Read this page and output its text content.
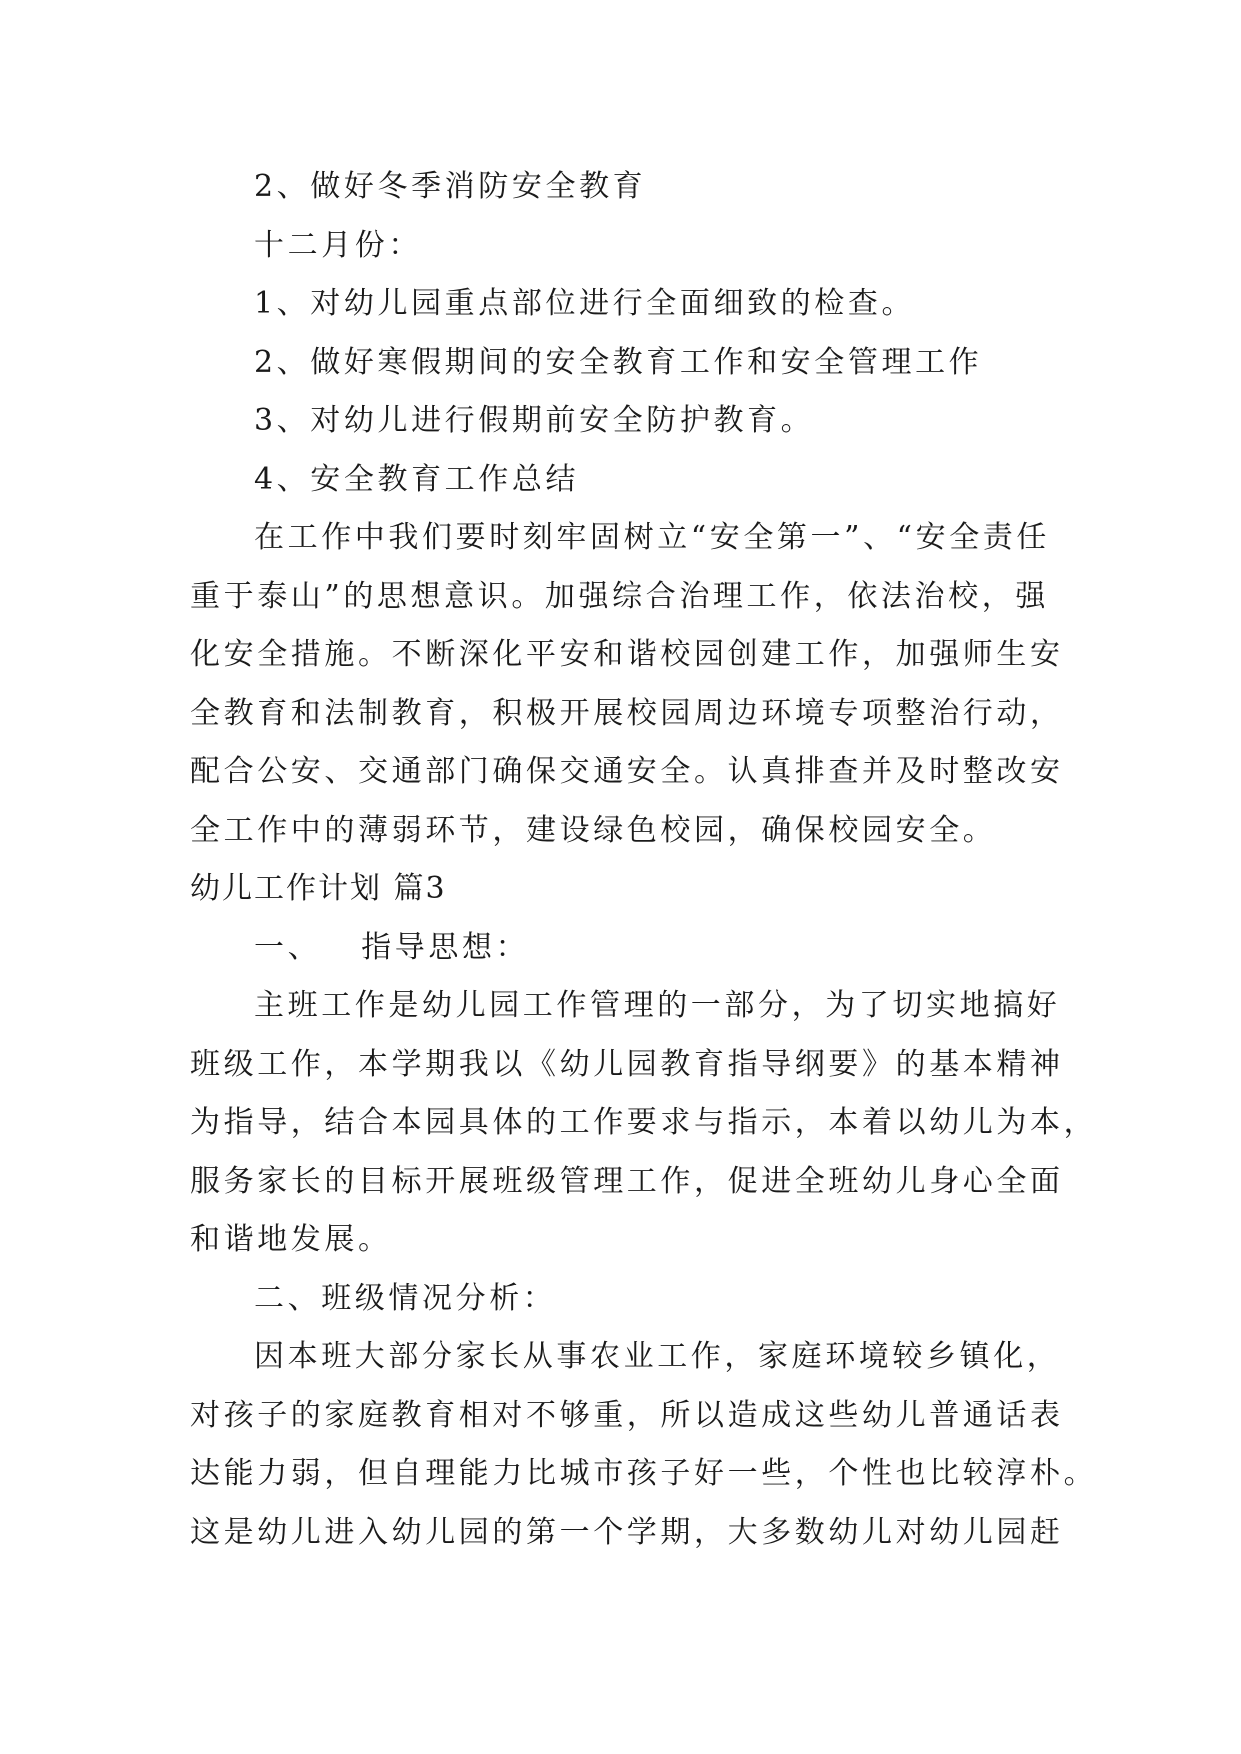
2、做好冬季消防安全教育

十二月份：

1、对幼儿园重点部位进行全面细致的检查。

2、做好寒假期间的安全教育工作和安全管理工作

3、对幼儿进行假期前安全防护教育。

4、安全教育工作总结

在工作中我们要时刻牢固树立“安全第一”、“安全责任

重于泰山”的思想意识。加强综合治理工作，依法治校，强

化安全措施。不断深化平安和谐校园创建工作，加强师生安

全教育和法制教育，积极开展校园周边环境专项整治行动，

配合公安、交通部门确保交通安全。认真排查并及时整改安

全工作中的薄弱环节，建设绿色校园，确保校园安全。

幼儿工作计划 篇3

一、 指导思想：

主班工作是幼儿园工作管理的一部分，为了切实地搞好

班级工作，本学期我以《幼儿园教育指导纲要》的基本精神

为指导，结合本园具体的工作要求与指示，本着以幼儿为本，

服务家长的目标开展班级管理工作，促进全班幼儿身心全面

和谐地发展。

二、班级情况分析：

因本班大部分家长从事农业工作，家庭环境较乡镇化，

对孩子的家庭教育相对不够重，所以造成这些幼儿普通话表

达能力弱，但自理能力比城市孩子好一些，个性也比较淳朴。

这是幼儿进入幼儿园的第一个学期，大多数幼儿对幼儿园赶
